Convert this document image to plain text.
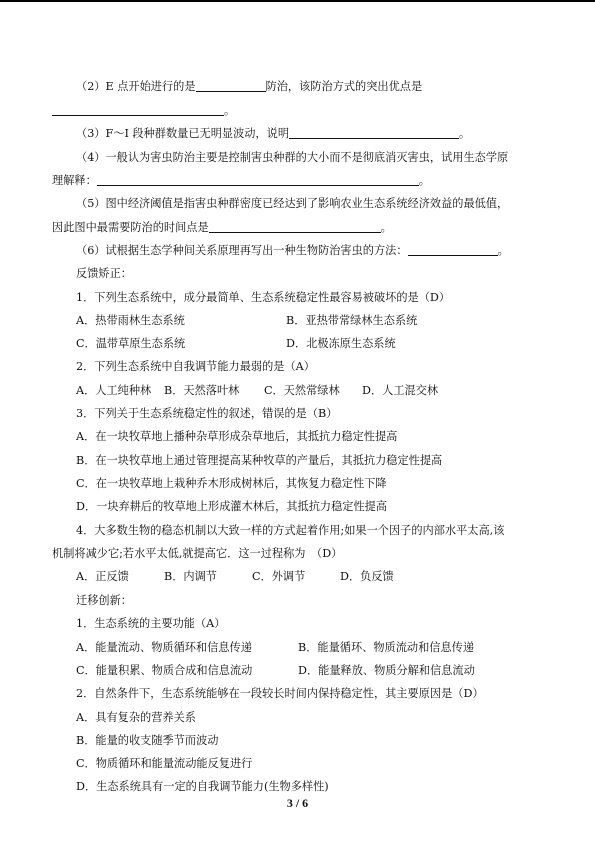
（2）E 点开始进行的是	防治，该防治方式的突出优点是
。
（3）F～I 段种群数量已无明显波动，说明	。
（4）一般认为害虫防治主要是控制害虫种群的大小而不是彻底消灭害虫，试用生态学原
理解释：	。
（5）图中经济阈值是指害虫种群密度已经达到了影响农业生态系统经济效益的最低值，
因此图中最需要防治的时间点是	。
（6）试根据生态学种间关系原理再写出一种生物防治害虫的方法：	。
反馈矫正：
1．下列生态系统中，成分最简单、生态系统稳定性最容易被破坏的是（D）
A．热带雨林生态系统	B．亚热带常绿林生态系统
C．温带草原生态系统	D．北极冻原生态系统
2．下列生态系统中自我调节能力最弱的是（A）
A．人工纯种林 B．天然落叶林 C．天然常绿林 D．人工混交林
3．下列关于生态系统稳定性的叙述，错误的是（B）
A．在一块牧草地上播种杂草形成杂草地后，其抵抗力稳定性提高
B．在一块牧草地上通过管理提高某种牧草的产量后，其抵抗力稳定性提高
C．在一块牧草地上栽种乔木形成树林后，其恢复力稳定性下降
D．一块弃耕后的牧草地上形成灌木林后，其抵抗力稳定性提高
4．大多数生物的稳态机制以大致一样的方式起着作用;如果一个因子的内部水平太高,该
机制将减少它;若水平太低,就提高它．这一过程称为　（D）
A．正反馈	B．内调节	C．外调节	D．负反馈
迁移创新：
1．生态系统的主要功能（A）
A．能量流动、物质循环和信息传递	B．能量循环、物质流动和信息传递
C．能量积累、物质合成和信息流动	D．能量释放、物质分解和信息流动
2．自然条件下，生态系统能够在一段较长时间内保持稳定性，其主要原因是（D）
A．具有复杂的营养关系
B．能量的收支随季节而波动
C．物质循环和能量流动能反复进行
D．生态系统具有一定的自我调节能力(生物多样性)
3 / 6
